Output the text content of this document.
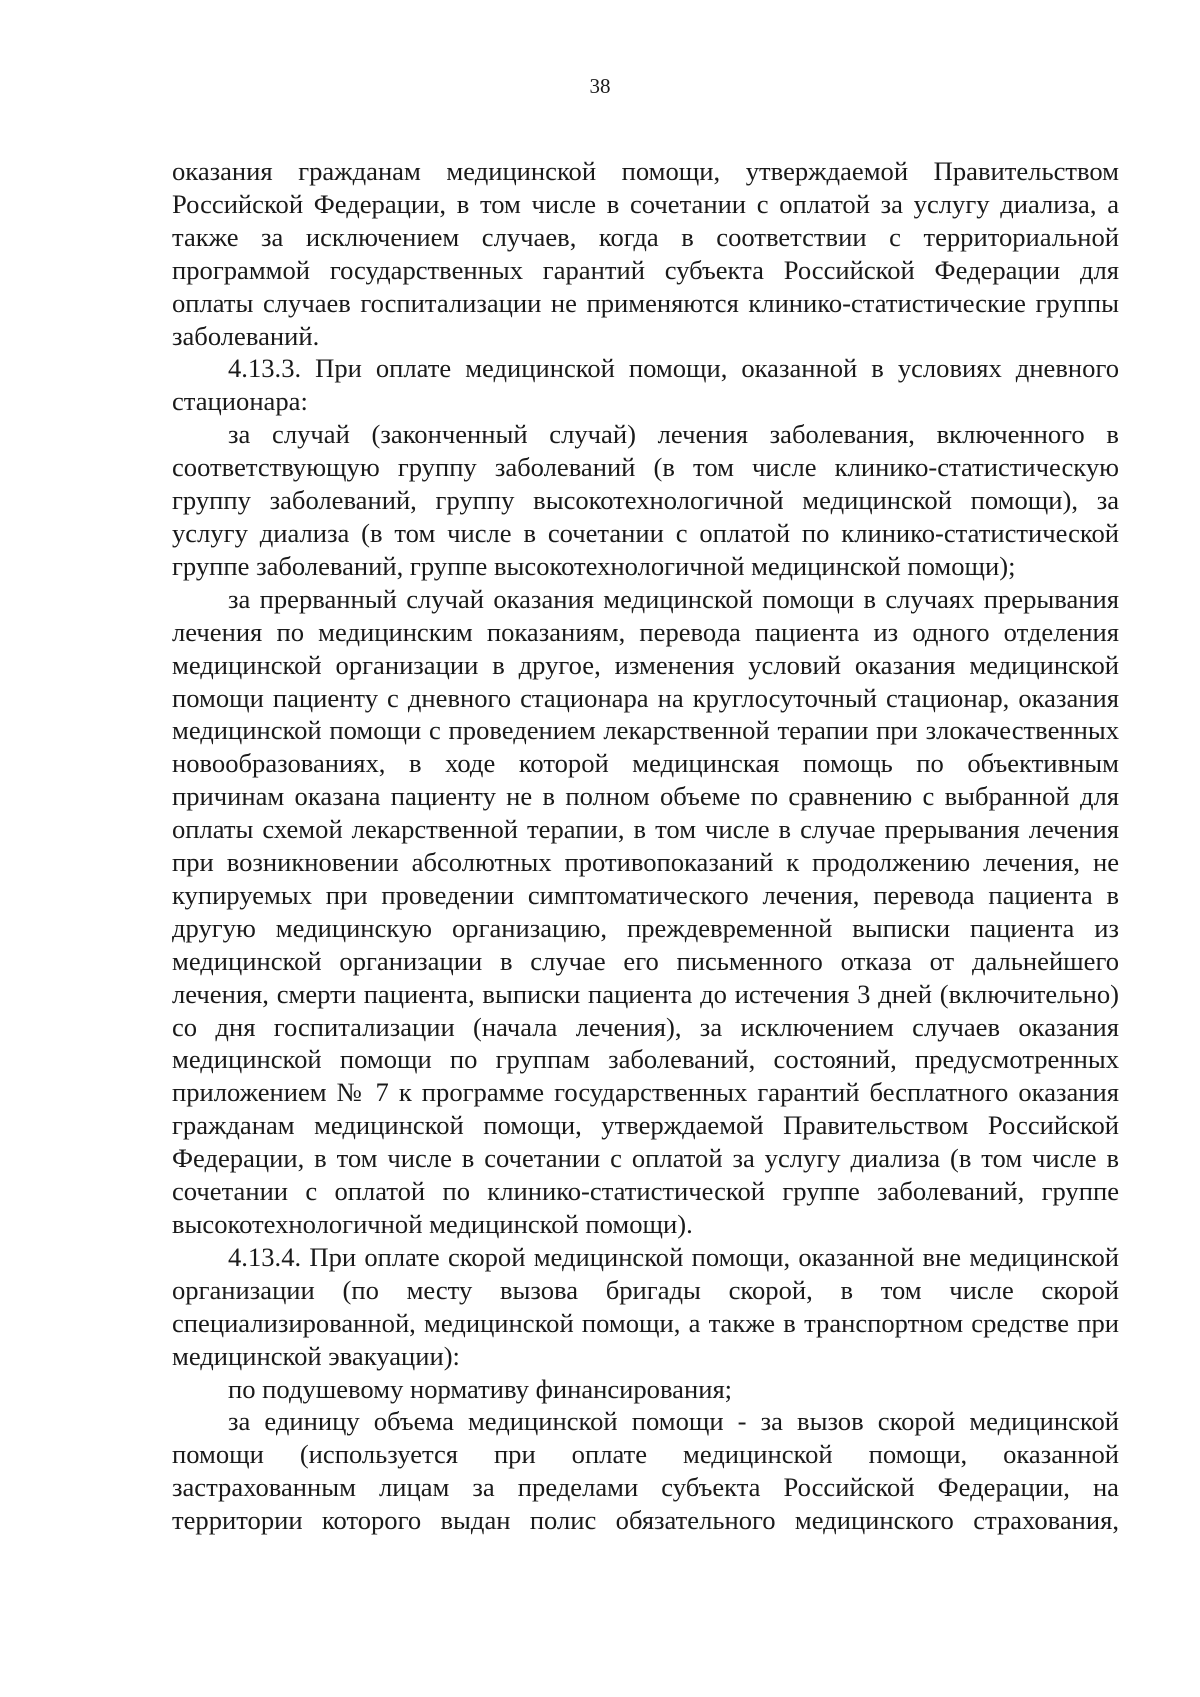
38

оказания гражданам медицинской помощи, утверждаемой Правительством Российской Федерации, в том числе в сочетании с оплатой за услугу диализа, а также за исключением случаев, когда в соответствии с территориальной программой государственных гарантий субъекта Российской Федерации для оплаты случаев госпитализации не применяются клинико-статистические группы заболеваний.

4.13.3. При оплате медицинской помощи, оказанной в условиях дневного стационара:

за случай (законченный случай) лечения заболевания, включенного в соответствующую группу заболеваний (в том числе клинико-статистическую группу заболеваний, группу высокотехнологичной медицинской помощи), за услугу диализа (в том числе в сочетании с оплатой по клинико-статистической группе заболеваний, группе высокотехнологичной медицинской помощи);

за прерванный случай оказания медицинской помощи в случаях прерывания лечения по медицинским показаниям, перевода пациента из одного отделения медицинской организации в другое, изменения условий оказания медицинской помощи пациенту с дневного стационара на круглосуточный стационар, оказания медицинской помощи с проведением лекарственной терапии при злокачественных новообразованиях, в ходе которой медицинская помощь по объективным причинам оказана пациенту не в полном объеме по сравнению с выбранной для оплаты схемой лекарственной терапии, в том числе в случае прерывания лечения при возникновении абсолютных противопоказаний к продолжению лечения, не купируемых при проведении симптоматического лечения, перевода пациента в другую медицинскую организацию, преждевременной выписки пациента из медицинской организации в случае его письменного отказа от дальнейшего лечения, смерти пациента, выписки пациента до истечения 3 дней (включительно) со дня госпитализации (начала лечения), за исключением случаев оказания медицинской помощи по группам заболеваний, состояний, предусмотренных приложением № 7 к программе государственных гарантий бесплатного оказания гражданам медицинской помощи, утверждаемой Правительством Российской Федерации, в том числе в сочетании с оплатой за услугу диализа (в том числе в сочетании с оплатой по клинико-статистической группе заболеваний, группе высокотехнологичной медицинской помощи).

4.13.4. При оплате скорой медицинской помощи, оказанной вне медицинской организации (по месту вызова бригады скорой, в том числе скорой специализированной, медицинской помощи, а также в транспортном средстве при медицинской эвакуации):

по подушевому нормативу финансирования;

за единицу объема медицинской помощи - за вызов скорой медицинской помощи (используется при оплате медицинской помощи, оказанной застрахованным лицам за пределами субъекта Российской Федерации, на территории которого выдан полис обязательного медицинского страхования,
